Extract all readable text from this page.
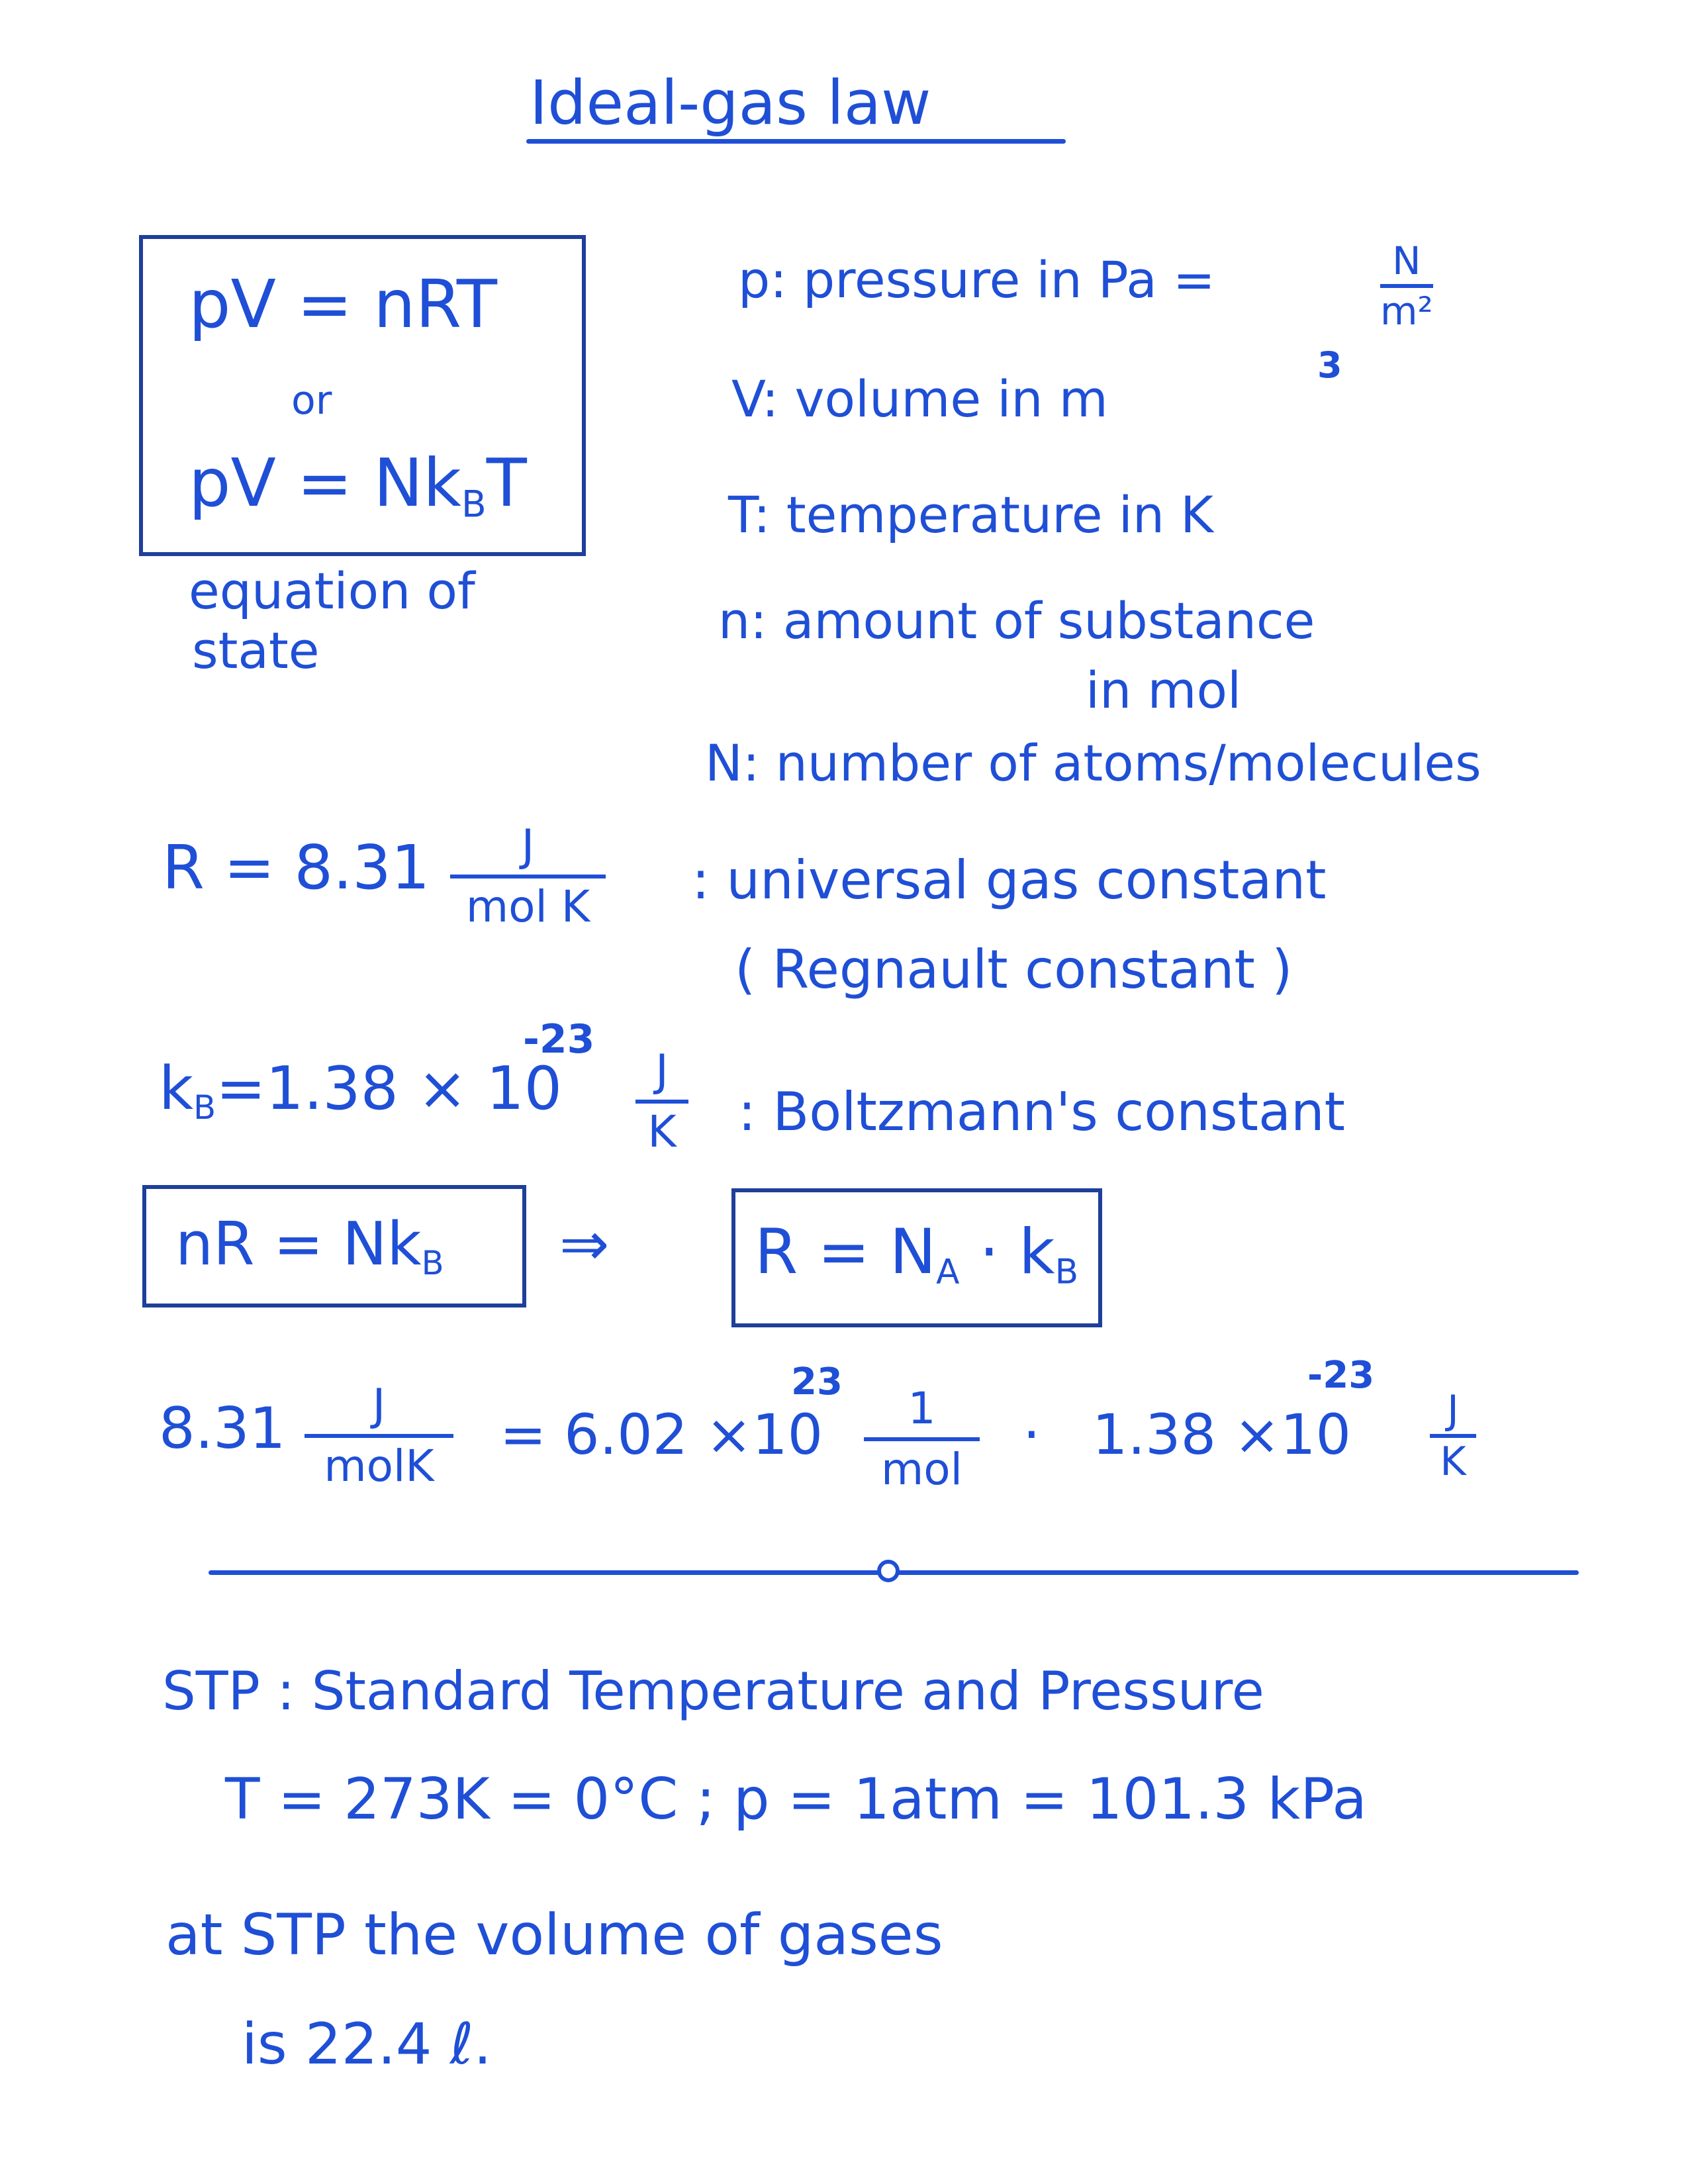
Ideal-gas law
pV = nRT
or
pV = $Nk_BT$
equation of
state
p: pressure in Pa =	N
m²
V: volume in m
3
T: temperature in K
n: amount of substance
in mol
N: number of atoms/molecules
R = 8.31 J
mol K : universal gas constant
( Regnault constant )
$k_B=1.38 \times 10$
-23
J
K : Boltzmann's constant
nR = $Nk_B$ ⇒ $R = N_A \cdot k_B$
8.31 J
molK = 6.02 ×10
23
1
mol
· 1.38 ×10
-23
J
K
STP : Standard Temperature and Pressure
T = 273K = 0°C ; p = 1atm = 101.3 kPa
at STP the volume of gases
is 22.4 ℓ.
